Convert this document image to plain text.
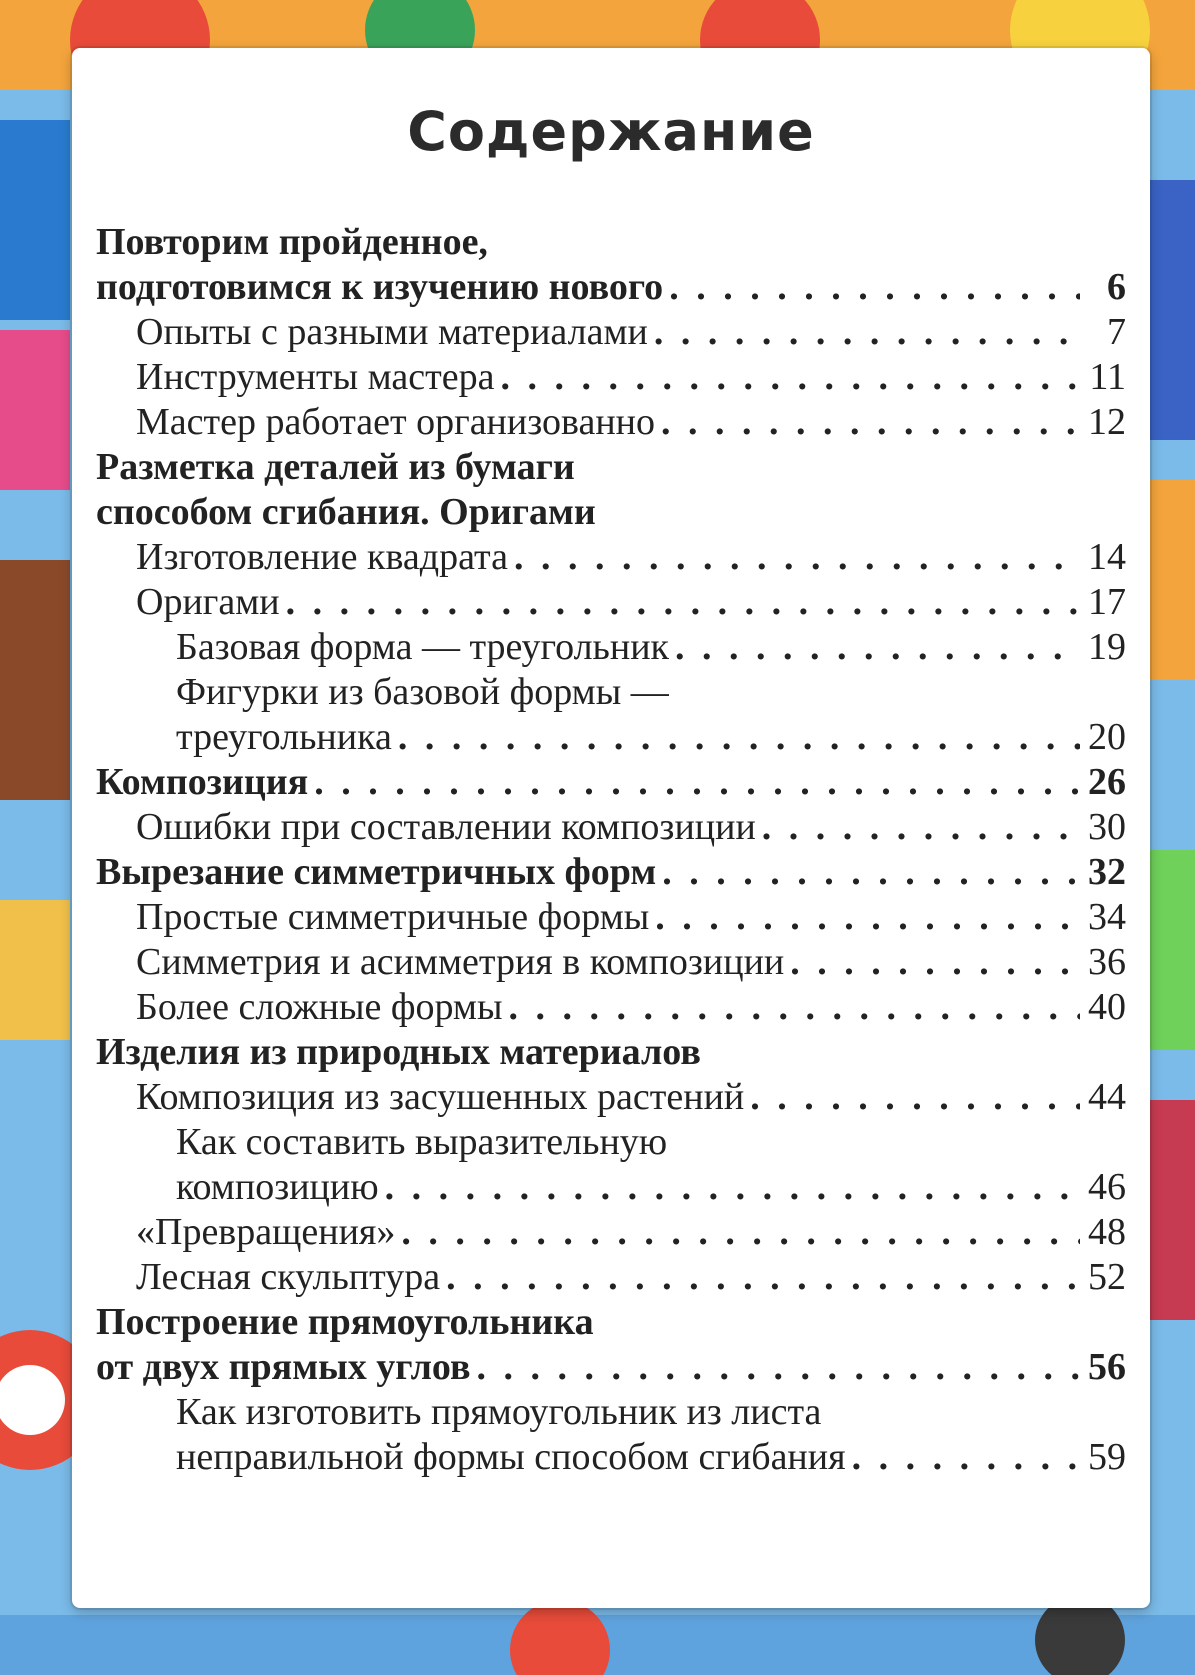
Содержание
Повторим пройденное,
подготовимся к изучению нового . . .	6
Опыты с разными материалами . . .	7
Инструменты мастера . . .	11
Мастер работает организованно . . .	12
Разметка деталей из бумаги
способом сгибания. Оригами
Изготовление квадрата . . .	14
Оригами . . .	17
Базовая форма — треугольник . . .	19
Фигурки из базовой формы —
треугольника . . .	20
Композиция . . .	26
Ошибки при составлении композиции . . .	30
Вырезание симметричных форм . . .	32
Простые симметричные формы . . .	34
Симметрия и асимметрия в композиции . . .	36
Более сложные формы . . .	40
Изделия из природных материалов
Композиция из засушенных растений . . .	44
Как составить выразительную
композицию . . .	46
«Превращения» . . .	48
Лесная скульптура . . .	52
Построение прямоугольника
от двух прямых углов . . .	56
Как изготовить прямоугольник из листа
неправильной формы способом сгибания . . .	59
